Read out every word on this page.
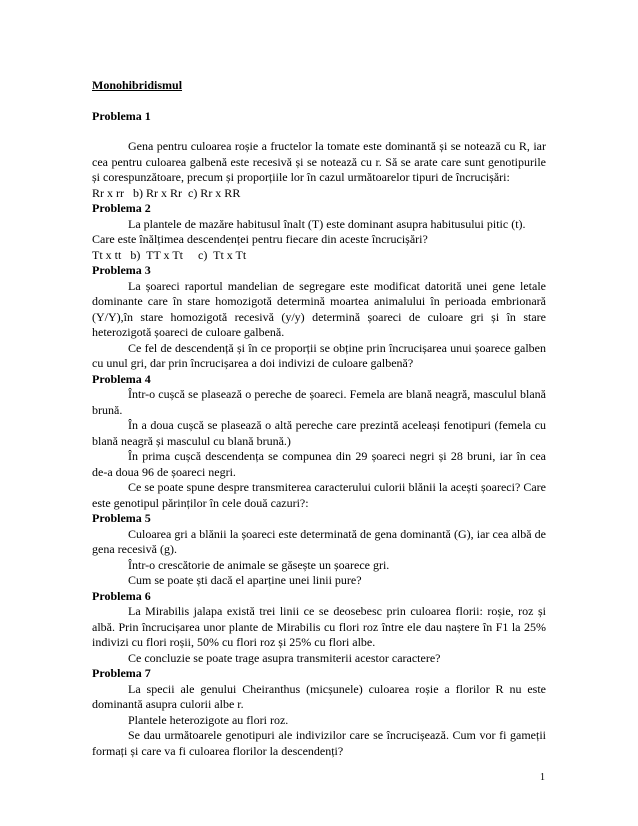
Monohibridismul
Problema 1

Gena pentru culoarea roșie a fructelor la tomate este dominantă și se notează cu R, iar cea pentru culoarea galbenă este recesivă și se notează cu r. Să se arate care sunt genotipurile și corespunzătoare, precum și proporțiile lor în cazul următoarelor tipuri de încrucișări:

Rr x rr   b) Rr x Rr  c) Rr x RR
Problema 2

La plantele de mazăre habitusul înalt (T) este dominant asupra habitusului pitic (t).

Care este înălțimea descendenței pentru fiecare din aceste încrucișări?

Tt x tt   b)  TT x Tt     c)  Tt x Tt
Problema 3

La șoareci raportul mandelian de segregare este modificat datorită unei gene letale dominante care în stare homozigotă determină moartea animalului în perioada embrionară (Y/Y),în stare homozigotă recesivă (y/y) determină șoareci de culoare gri și în stare heterozigotă șoareci de culoare galbenă.

Ce fel de descendență și în ce proporții se obține prin încrucișarea unui șoarece galben cu unul gri, dar prin încrucișarea a doi indivizi de culoare galbenă?

Problema 4

Într-o cușcă se plasează o pereche de șoareci. Femela are blană neagră, masculul blană brună.

În a doua cușcă se plasează o altă pereche care prezintă aceleași fenotipuri (femela cu blană neagră și masculul cu blană brună.)

În prima cușcă descendența se compunea din 29 șoareci negri și 28 bruni, iar în cea de-a doua 96 de șoareci negri.

Ce se poate spune despre transmiterea caracterului culorii blănii la acești șoareci? Care este genotipul părinților în cele două cazuri?:

Problema 5

Culoarea gri a blănii la șoareci este determinată de gena dominantă (G), iar cea albă de gena recesivă (g).

Într-o crescătorie de animale se găsește un șoarece gri.

Cum se poate ști dacă el aparține unei linii pure?

Problema 6

La Mirabilis jalapa există trei linii ce se deosebesc prin culoarea florii: roșie, roz și albă. Prin încrucișarea unor plante de Mirabilis cu flori roz între ele dau naștere în F1 la 25% indivizi cu flori roșii, 50% cu flori roz și 25% cu flori albe.

Ce concluzie se poate trage asupra transmiterii acestor caractere?

Problema 7

La specii ale genului Cheiranthus (micșunele) culoarea roșie a florilor R nu este dominantă asupra culorii albe r.

Plantele heterozigote au flori roz.

Se dau următoarele genotipuri ale indivizilor care se încrucișează. Cum vor fi gameții formați și care va fi culoarea florilor la descendenți?

1
